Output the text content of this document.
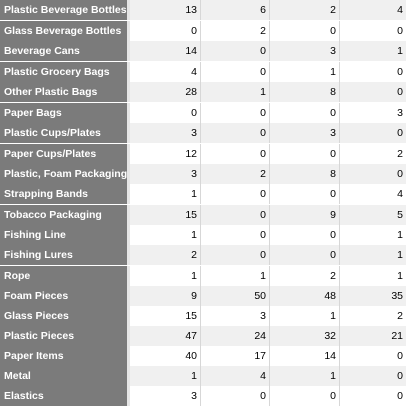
Plastic Beverage Bottles	13	6	2	4
Glass Beverage Bottles	0	2	0	0
Beverage Cans	14	0	3	1
Plastic Grocery Bags	4	0	1	0
Other Plastic Bags	28	1	8	0
Paper Bags	0	0	0	3
Plastic Cups/Plates	3	0	3	0
Paper Cups/Plates	12	0	0	2
Plastic, Foam Packaging	3	2	8	0
Strapping Bands	1	0	0	4
Tobacco Packaging	15	0	9	5
Fishing Line	1	0	0	1
Fishing Lures	2	0	0	1
Rope	1	1	2	1
Foam Pieces	9	50	48	35
Glass Pieces	15	3	1	2
Plastic Pieces	47	24	32	21
Paper Items	40	17	14	0
Metal	1	4	1	0
Elastics	3	0	0	0
